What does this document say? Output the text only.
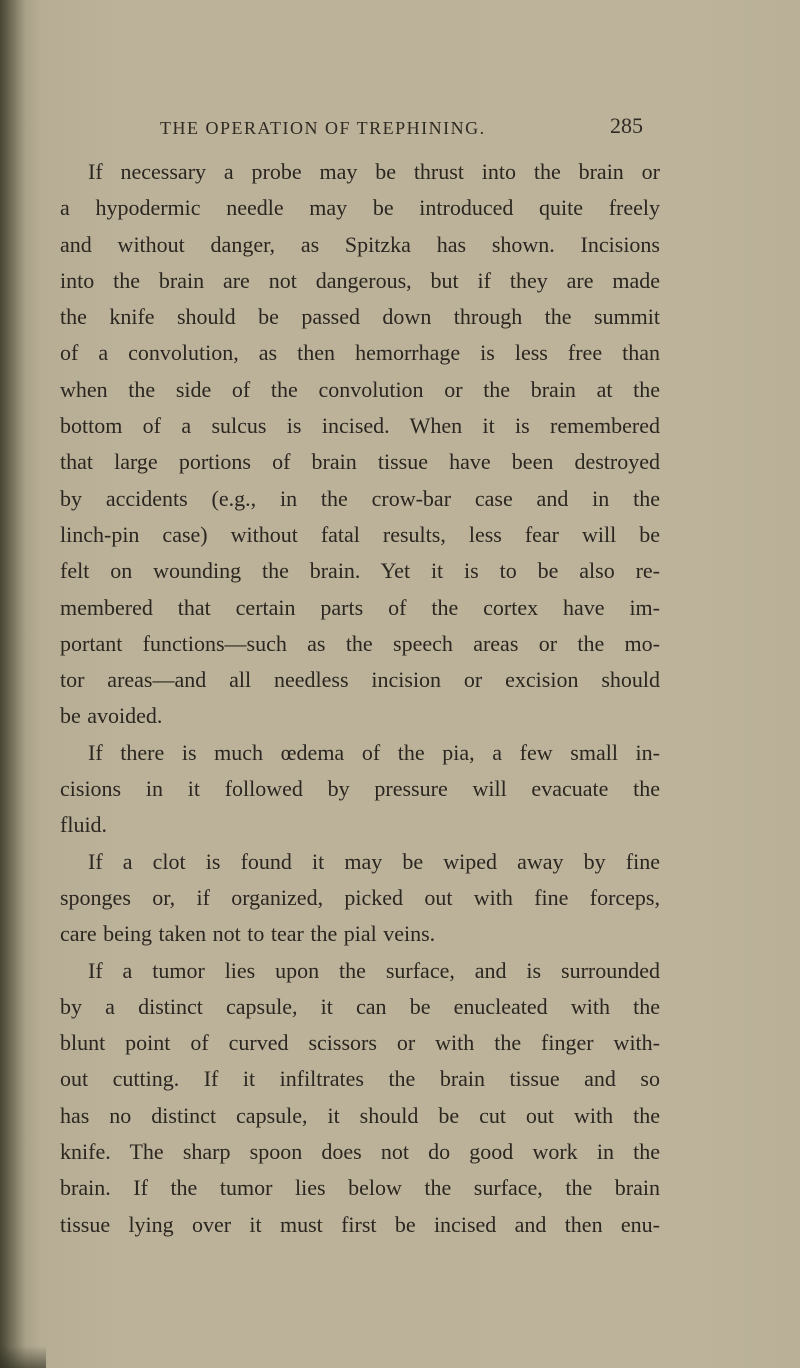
THE OPERATION OF TREPHINING.	285
If necessary a probe may be thrust into the brain or
a hypodermic needle may be introduced quite freely
and without danger, as Spitzka has shown. Incisions
into the brain are not dangerous, but if they are made
the knife should be passed down through the summit
of a convolution, as then hemorrhage is less free than
when the side of the convolution or the brain at the
bottom of a sulcus is incised. When it is remembered
that large portions of brain tissue have been destroyed
by accidents (e.g., in the crow-bar case and in the
linch-pin case) without fatal results, less fear will be
felt on wounding the brain. Yet it is to be also re-
membered that certain parts of the cortex have im-
portant functions—such as the speech areas or the mo-
tor areas—and all needless incision or excision should
be avoided.
If there is much œdema of the pia, a few small in-
cisions in it followed by pressure will evacuate the
fluid.
If a clot is found it may be wiped away by fine
sponges or, if organized, picked out with fine forceps,
care being taken not to tear the pial veins.
If a tumor lies upon the surface, and is surrounded
by a distinct capsule, it can be enucleated with the
blunt point of curved scissors or with the finger with-
out cutting. If it infiltrates the brain tissue and so
has no distinct capsule, it should be cut out with the
knife. The sharp spoon does not do good work in the
brain. If the tumor lies below the surface, the brain
tissue lying over it must first be incised and then enu-
